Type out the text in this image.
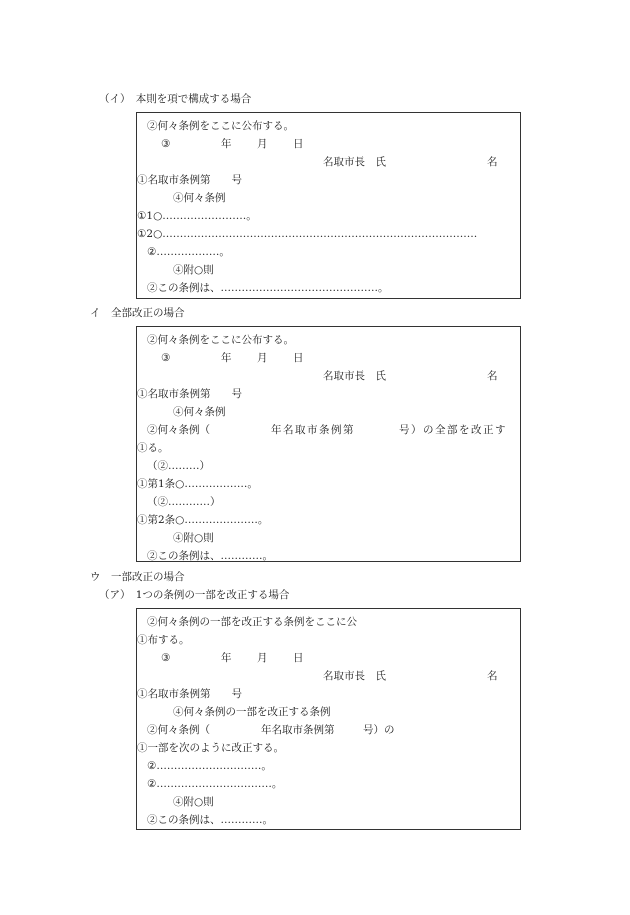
（イ）　本則を項で構成する場合
②何々条例をここに公布する。
③	年 月 日
名取市長　氏	名
①名取市条例第　　号
④何々条例
①1○……………………。
①2○………………………………………………………………………………
②………………。
④附○則
②この条例は、………………………………………。
イ　全部改正の場合
②何々条例をここに公布する。
③	年 月 日
名取市長　氏	名
①名取市条例第　　号
④何々条例
②何々条例（	年名取市条例第	号）の全部を改正す
①る。
（②………）
①第1条○………………。
（②…………）
①第2条○…………………。
④附○則
②この条例は、…………。
ウ　一部改正の場合
（ア）　1つの条例の一部を改正する場合
②何々条例の一部を改正する条例をここに公
①布する。
③	年 月 日
名取市長　氏	名
①名取市条例第　　号
④何々条例の一部を改正する条例
②何々条例（	年名取市条例第	号）の
①一部を次のように改正する。
②…………………………。
②……………………………。
④附○則
②この条例は、…………。
